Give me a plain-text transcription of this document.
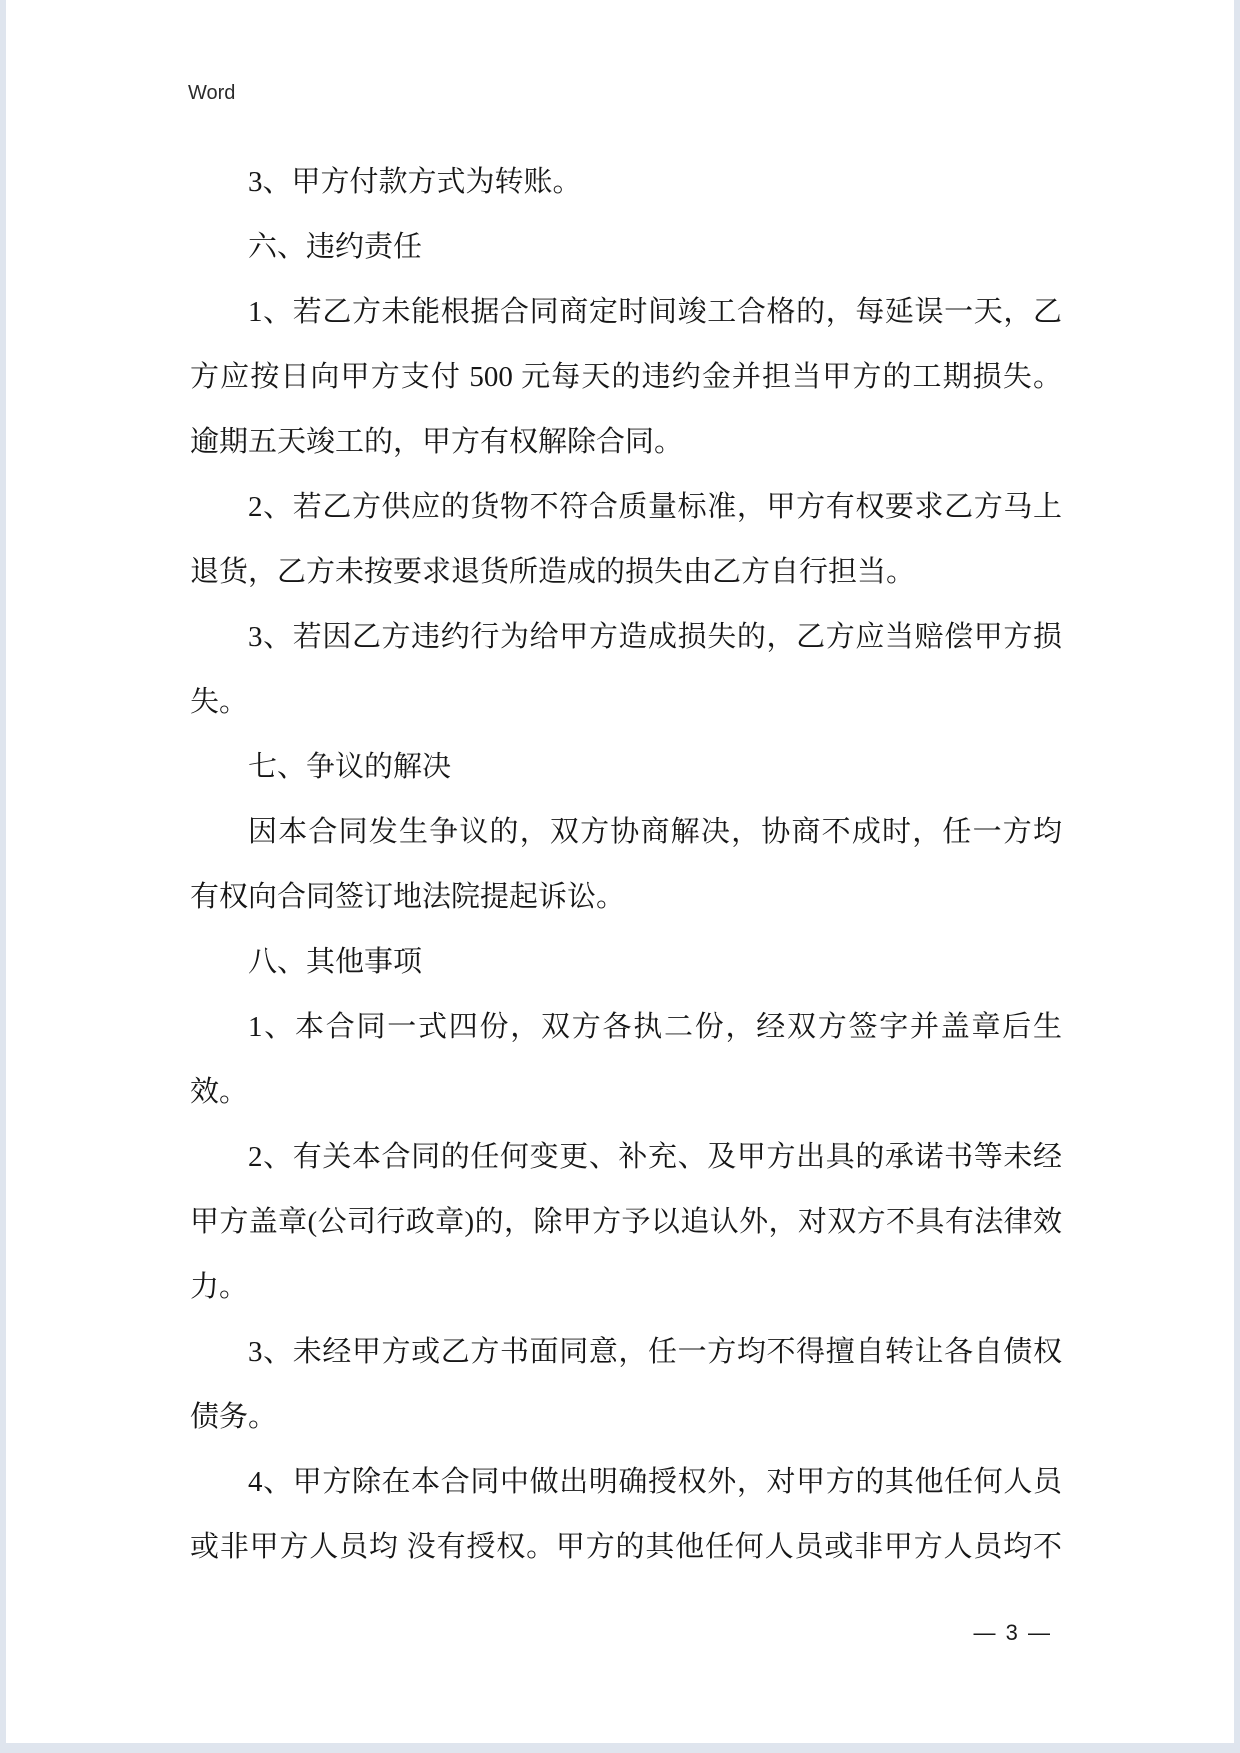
Word
3、甲方付款方式为转账。
六、违约责任
1、若乙方未能根据合同商定时间竣工合格的，每延误一天，乙
方应按日向甲方支付 500 元每天的违约金并担当甲方的工期损失。
逾期五天竣工的，甲方有权解除合同。
2、若乙方供应的货物不符合质量标准，甲方有权要求乙方马上
退货，乙方未按要求退货所造成的损失由乙方自行担当。
3、若因乙方违约行为给甲方造成损失的，乙方应当赔偿甲方损
失。
七、争议的解决
因本合同发生争议的，双方协商解决，协商不成时，任一方均
有权向合同签订地法院提起诉讼。
八、其他事项
1、本合同一式四份，双方各执二份，经双方签字并盖章后生
效。
2、有关本合同的任何变更、补充、及甲方出具的承诺书等未经
甲方盖章(公司行政章)的，除甲方予以追认外，对双方不具有法律效
力。
3、未经甲方或乙方书面同意，任一方均不得擅自转让各自债权
债务。
4、甲方除在本合同中做出明确授权外，对甲方的其他任何人员
或非甲方人员均 没有授权。甲方的其他任何人员或非甲方人员均不
— 3 —
